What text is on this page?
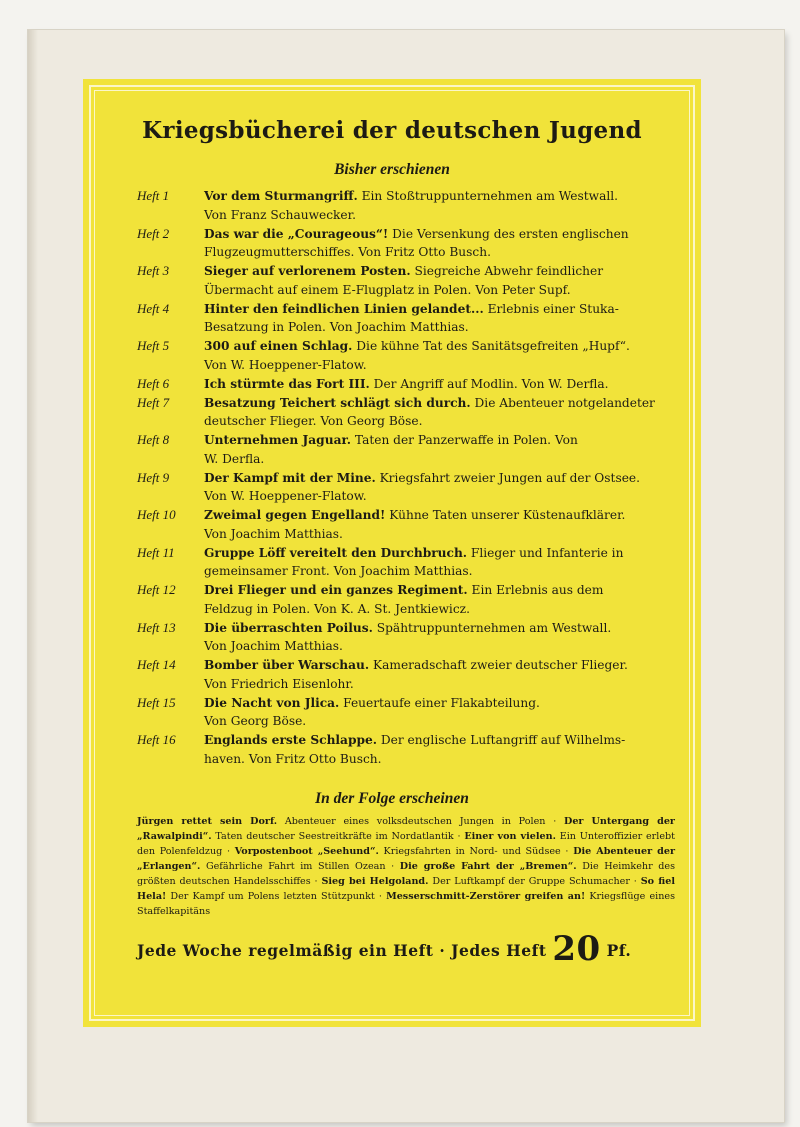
Kriegsbücherei der deutschen Jugend
Bisher erschienen
Heft 1	Vor dem Sturmangriff. Ein Stoßtruppunternehmen am Westwall.
Von Franz Schauwecker.
Heft 2	Das war die „Courageous“! Die Versenkung des ersten englischen
Flugzeugmutterschiffes. Von Fritz Otto Busch.
Heft 3	Sieger auf verlorenem Posten. Siegreiche Abwehr feindlicher
Übermacht auf einem E-Flugplatz in Polen. Von Peter Supf.
Heft 4	Hinter den feindlichen Linien gelandet... Erlebnis einer Stuka-
Besatzung in Polen. Von Joachim Matthias.
Heft 5	300 auf einen Schlag. Die kühne Tat des Sanitätsgefreiten „Hupf“.
Von W. Hoeppener-Flatow.
Heft 6	Ich stürmte das Fort III. Der Angriff auf Modlin. Von W. Derfla.
Heft 7	Besatzung Teichert schlägt sich durch. Die Abenteuer notgelandeter
deutscher Flieger. Von Georg Böse.
Heft 8	Unternehmen Jaguar. Taten der Panzerwaffe in Polen. Von
W. Derfla.
Heft 9	Der Kampf mit der Mine. Kriegsfahrt zweier Jungen auf der Ostsee.
Von W. Hoeppener-Flatow.
Heft 10	Zweimal gegen Engelland! Kühne Taten unserer Küstenaufklärer.
Von Joachim Matthias.
Heft 11	Gruppe Löff vereitelt den Durchbruch. Flieger und Infanterie in
gemeinsamer Front. Von Joachim Matthias.
Heft 12	Drei Flieger und ein ganzes Regiment. Ein Erlebnis aus dem
Feldzug in Polen. Von K. A. St. Jentkiewicz.
Heft 13	Die überraschten Poilus. Spähtruppunternehmen am Westwall.
Von Joachim Matthias.
Heft 14	Bomber über Warschau. Kameradschaft zweier deutscher Flieger.
Von Friedrich Eisenlohr.
Heft 15	Die Nacht von Jlica. Feuertaufe einer Flakabteilung.
Von Georg Böse.
Heft 16	Englands erste Schlappe. Der englische Luftangriff auf Wilhelms-
haven. Von Fritz Otto Busch.
In der Folge erscheinen
Jürgen rettet sein Dorf. Abenteuer eines volksdeutschen Jungen in Polen · Der Untergang der „Rawalpindi“. Taten deutscher Seestreitkräfte im Nordatlantik · Einer von vielen. Ein Unteroffizier erlebt den Polenfeldzug · Vorpostenboot „Seehund“. Kriegsfahrten in Nord- und Südsee · Die Abenteuer der „Erlangen“. Gefährliche Fahrt im Stillen Ozean · Die große Fahrt der „Bremen“. Die Heimkehr des größten deutschen Handelsschiffes · Sieg bei Helgoland. Der Luftkampf der Gruppe Schumacher · So fiel Hela! Der Kampf um Polens letzten Stützpunkt · Messerschmitt-Zerstörer greifen an! Kriegsflüge eines Staffelkapitäns
Jede Woche regelmäßig ein Heft · Jedes Heft 20 Pf.
